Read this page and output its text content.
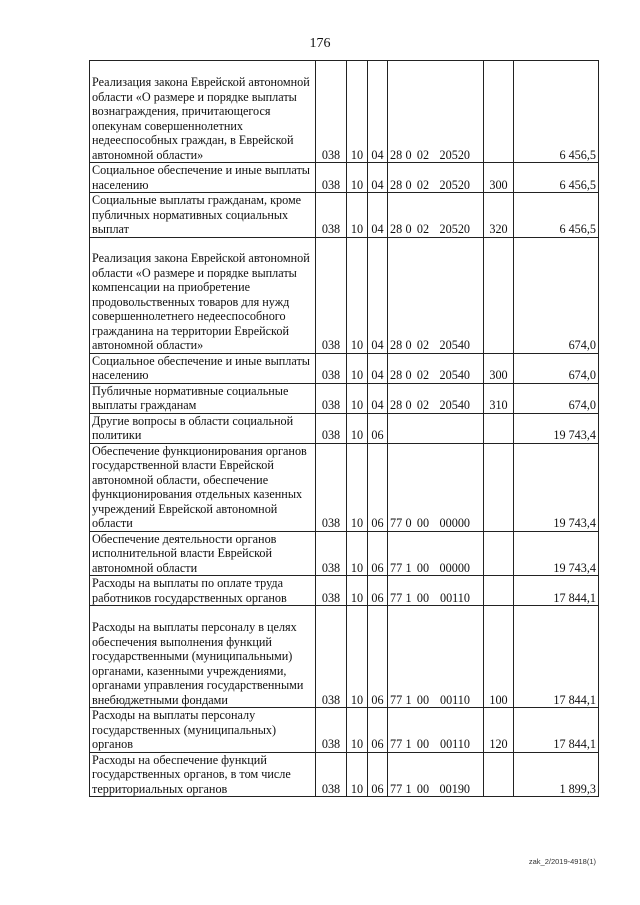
176
Реализация закона Еврейской автономной области «О размере и порядке выплаты вознаграждения, причитающегося опекунам совершеннолетних недееспособных граждан, в Еврейской автономной области»	038	10	04	28 0 02 20520		6 456,5
Социальное обеспечение и иные выплаты населению	038	10	04	28 0 02 20520	300	6 456,5
Социальные выплаты гражданам, кроме публичных нормативных социальных выплат	038	10	04	28 0 02 20520	320	6 456,5
Реализация закона Еврейской автономной области «О размере и порядке выплаты компенсации на приобретение продовольственных товаров для нужд совершеннолетнего недееспособного гражданина на территории Еврейской автономной области»	038	10	04	28 0 02 20540		674,0
Социальное обеспечение и иные выплаты населению	038	10	04	28 0 02 20540	300	674,0
Публичные нормативные социальные выплаты гражданам	038	10	04	28 0 02 20540	310	674,0
Другие вопросы в области социальной политики	038	10	06			19 743,4
Обеспечение функционирования органов государственной власти Еврейской автономной области, обеспечение функционирования отдельных казенных учреждений Еврейской автономной области	038	10	06	77 0 00 00000		19 743,4
Обеспечение деятельности органов исполнительной власти Еврейской автономной области	038	10	06	77 1 00 00000		19 743,4
Расходы на выплаты по оплате труда работников государственных органов	038	10	06	77 1 00 00110		17 844,1
Расходы на выплаты персоналу в целях обеспечения выполнения функций государственными (муниципальными) органами, казенными учреждениями, органами управления государственными внебюджетными фондами	038	10	06	77 1 00 00110	100	17 844,1
Расходы на выплаты персоналу государственных (муниципальных) органов	038	10	06	77 1 00 00110	120	17 844,1
Расходы на обеспечение функций государственных органов, в том числе территориальных органов	038	10	06	77 1 00 00190		1 899,3
zak_2/2019-4918(1)
